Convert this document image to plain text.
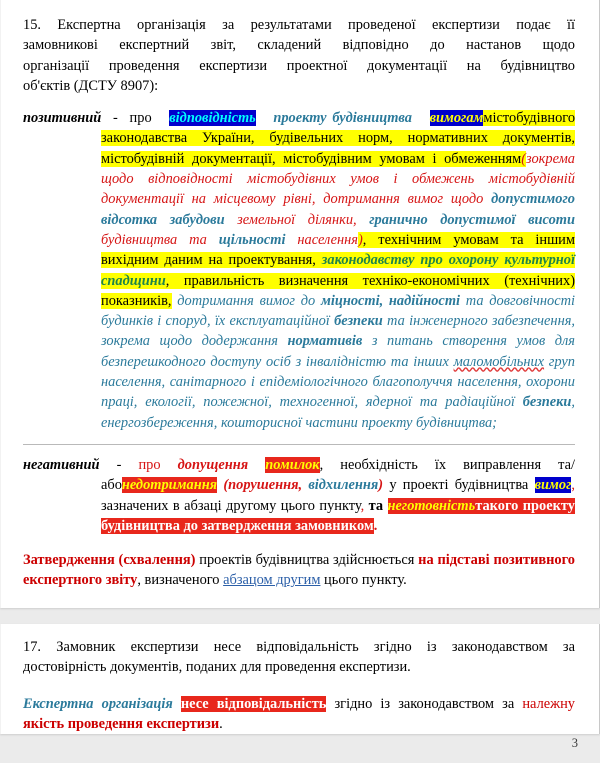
15. Експертна організація за результатами проведеної експертизи подає її

замовникові експертний звіт, складений відповідно до настанов щодо

організації проведення експертизи проектної документації на будівництво

об'єктів (ДСТУ 8907):

позитивний - про відповідність проекту будівництва вимогаммістобудівного законодавства України, будівельних норм, нормативних документів, містобудівній документації, містобудівним умовам і обмеженням(зокрема щодо відповідності містобудівних умов і обмежень містобудівній документації на місцевому рівні, дотримання вимог щодо допустимого відсотка забудови земельної ділянки, гранично допустимої висоти будівництва та щільності населення), технічним умовам та іншим вихідним даним на проектування, законодавству про охорону культурної спадщини, правильність визначення техніко-економічних (технічних) показників, дотримання вимог до міцності, надійності та довговічності будинків і споруд, їх експлуатаційної безпеки та інженерного забезпечення, зокрема щодо додержання нормативів з питань створення умов для безперешкодного доступу осіб з інвалідністю та інших маломобільних груп населення, санітарного і епідеміологічного благополуччя населення, охорони праці, екології, пожежної, техногенної, ядерної та радіаційної безпеки, енергозбереження, кошторисної частини проекту будівництва;

негативний - про допущення помилок, необхідність їх виправлення та/абонедотримання (порушення, відхилення) у проекті будівництва вимог, зазначених в абзаці другому цього пункту, та неготовністьтакого проекту будівництва до затвердження замовником.

Затвердження (схвалення) проектів будівництва здійснюється на підставі позитивного експертного звіту, визначеного абзацом другим цього пункту.

17. Замовник експертизи несе відповідальність згідно із законодавством за

достовірність документів, поданих для проведення експертизи.

Експертна організація несе відповідальність згідно із законодавством за належну якість проведення експертизи.

3
